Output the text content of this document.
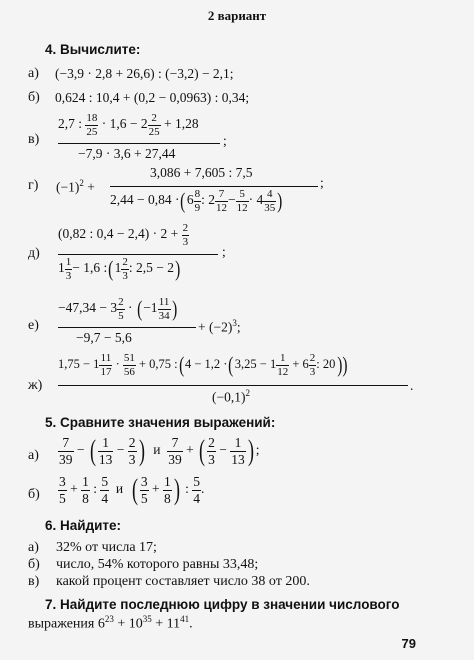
2 вариант
4. Вычислите:
а) (−3,9 · 2,8 + 26,6) : (−3,2) − 2,1;
б) 0,624 : 10,4 + (0,2 − 0,0963) : 0,34;
в)
2,7 : $\frac{18}{25} \cdot 1,6 - 2 \frac{2}{25} + 1,28$
−7,9 · 3,6 + 27,44
;
г) $(-1)^2$ +
3,086 + 7,605 : 7,5
$2,44 - 0,84 \cdot(6 \frac{8}{9}$ : $2 \frac{7}{12} - \frac{5}{12} \cdot 4 \frac{4}{35}$ )
;
д)
(0,82 : $0,4 - 2,4) \cdot 2 + \frac{2}{3}$
$1 \frac{1}{3} - 1,6$ :(1 $\frac{2}{3}$ : 2,5 − 2)
;
е)
$-47,34 - 3 \frac{2}{5} \cdot (-1 \frac{11}{34}$ )
−9,7 − 5,6
+ $(-2)^3$;
ж)
$1,75 - 1 \frac{11}{17} \cdot \frac{51}{56} + 0,75$ :(4 − $1,2 \cdot(3,25 - 1 \frac{1}{12} + 6 \frac{2}{3}$ : 20))
$(-0,1)^2$	.
5. Сравните значения выражений:
$а) \frac{7}{39}$ − ( $\frac{1}{13} - \frac{2}{3}$ ) и $\frac{7}{39}$ + ( $\frac{2}{3} - \frac{1}{13}$ ) ;
$б) \frac{3}{5} + \frac{1}{8}$ : $\frac{5}{4}$ и ( $\frac{3}{5} + \frac{1}{8}$ ) : $\frac{5}{4}$ .
6. Найдите:
а) 32% от числа 17;
б) число, 54% которого равны 33,48;
в) какой процент составляет число 38 от 200.
7. Найдите последнюю цифру в значении числового
выражения $6^{23} + 10^{35} + 11^{41}$.
79
